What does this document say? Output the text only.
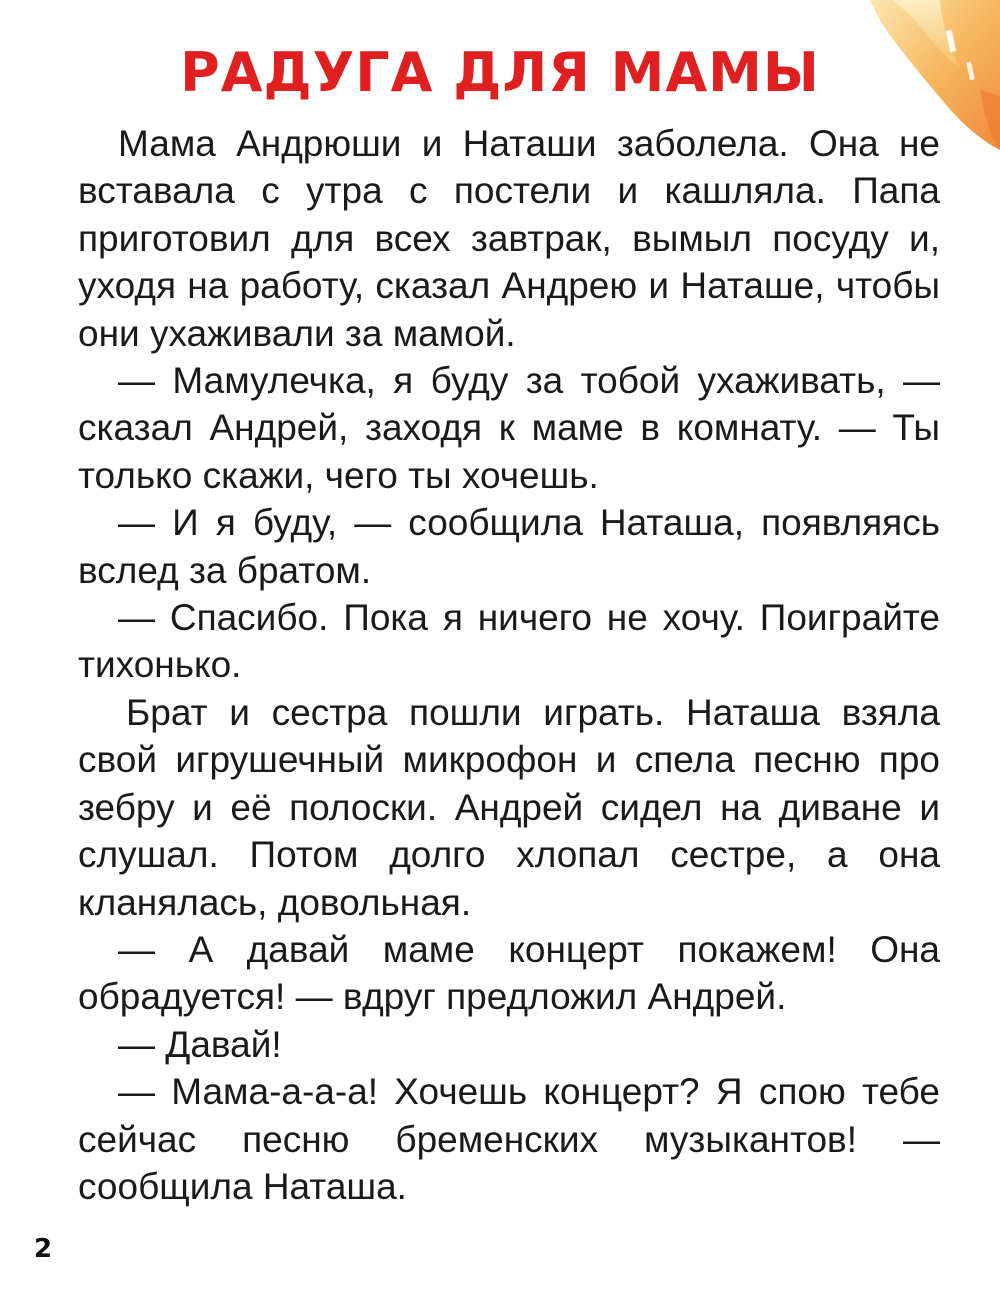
РАДУГА ДЛЯ МАМЫ

Мама Андрюши и Наташи заболела. Она не вставала с утра с постели и кашляла. Папа приготовил для всех завтрак, вымыл посуду и, уходя на работу, сказал Андрею и Наташе, чтобы они ухаживали за мамой.

— Мамулечка, я буду за тобой ухаживать, — сказал Андрей, заходя к маме в комнату. — Ты только скажи, чего ты хочешь.

— И я буду, — сообщила Наташа, появляясь вслед за братом.

— Спасибо. Пока я ничего не хочу. Поиграйте тихонько.

Брат и сестра пошли играть. Наташа взяла свой игрушечный микрофон и спела песню про зебру и её полоски. Андрей сидел на диване и слушал. Потом долго хлопал сестре, а она кланялась, довольная.

— А давай маме концерт покажем! Она обрадуется! — вдруг предложил Андрей.

— Давай!

— Мама-а-а-а! Хочешь концерт? Я спою тебе сейчас песню бременских музыкантов! — сообщила Наташа.

2
